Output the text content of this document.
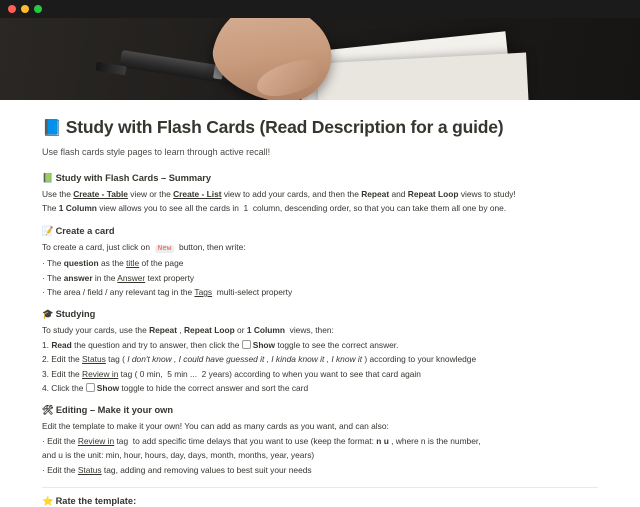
📘 Study with Flash Cards (Read Description for a guide)

Use flash cards style pages to learn through active recall!

📗 Study with Flash Cards – Summary

Use the Create - Table view or the Create - List view to add your cards, and then the Repeat and Repeat Loop views to study!

The 1 Column view allows you to see all the cards in  1  column, descending order, so that you can take them all one by one.

📝 Create a card

To create a card, just click on  New  button, then write:

· The question as the title of the page

· The answer in the Answer text property

· The area / field / any relevant tag in the Tags  multi-select property

🎓 Studying

To study your cards, use the Repeat , Repeat Loop or 1 Column  views, then:

1. Read the question and try to answer, then click the Show toggle to see the correct answer.

2. Edit the Status tag ( I don't know , I could have guessed it , I kinda know it , I know it ) according to your knowledge

3. Edit the Review in tag ( 0 min,  5 min ...  2 years) according to when you want to see that card again

4. Click the Show toggle to hide the correct answer and sort the card

🛠 Editing – Make it your own

Edit the template to make it your own! You can add as many cards as you want, and can also:

· Edit the Review in tag  to add specific time delays that you want to use (keep the format: n u , where n is the number,

and u is the unit: min, hour, hours, day, days, month, months, year, years)

· Edit the Status tag, adding and removing values to best suit your needs

⭐ Rate the template:
